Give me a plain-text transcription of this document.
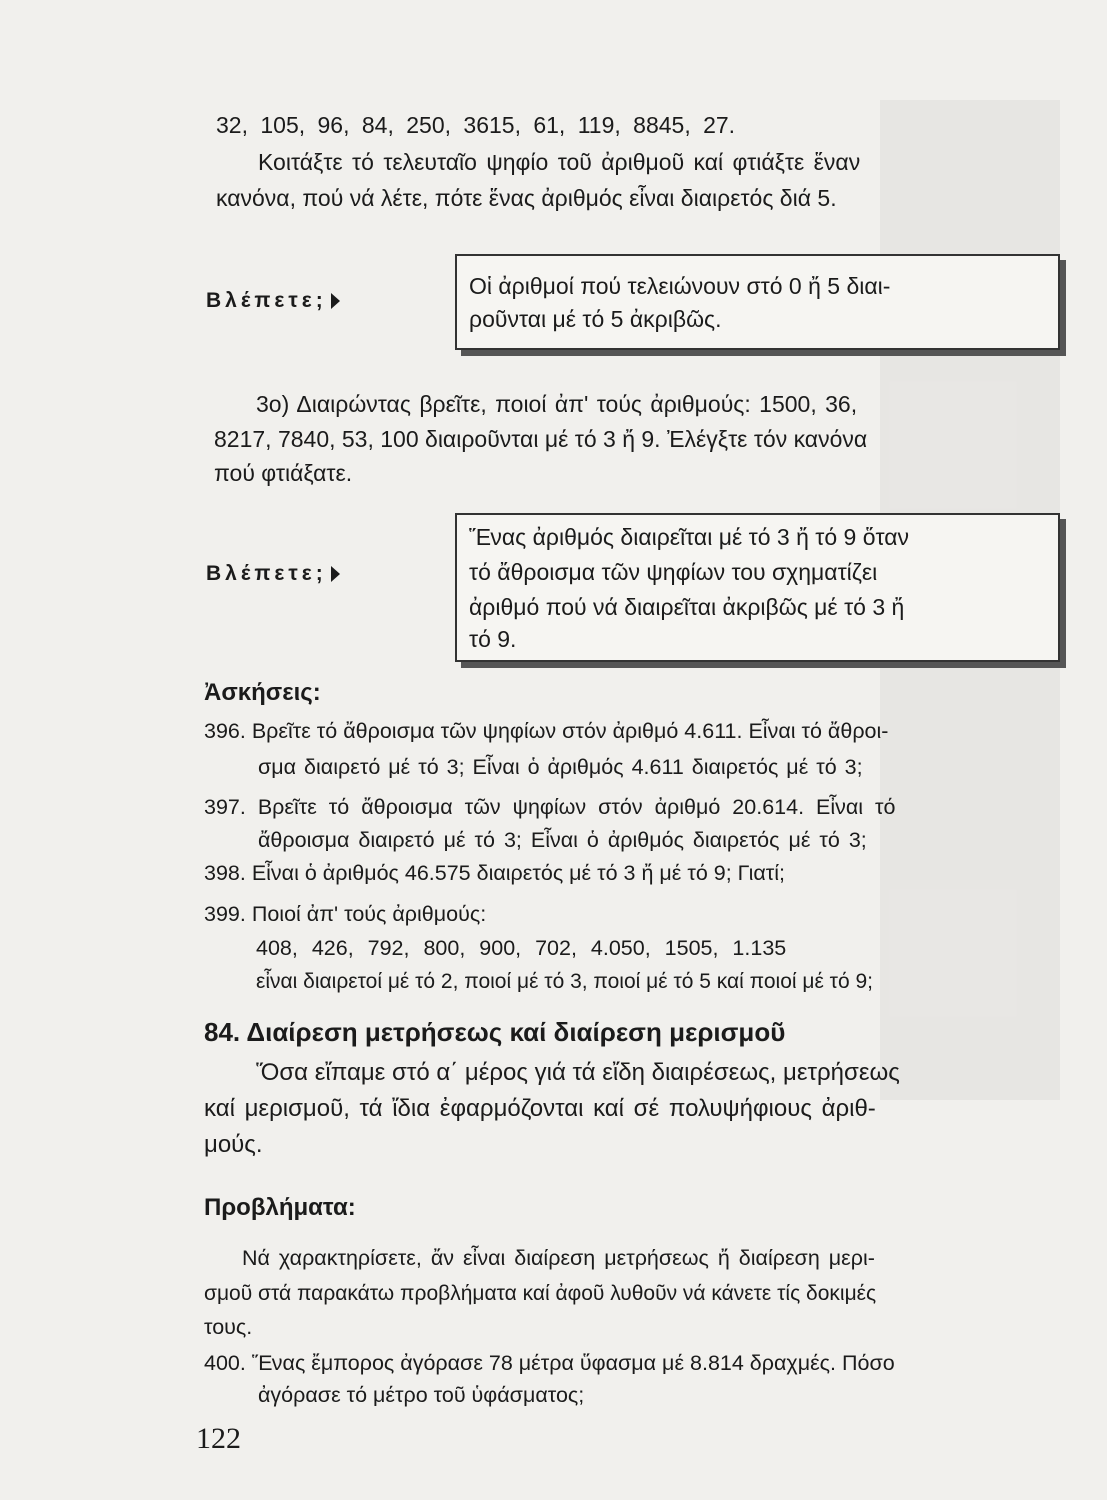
32, 105, 96, 84, 250, 3615, 61, 119, 8845, 27.
Κοιτάξτε τό τελευταῖο ψηφίο τοῦ ἀριθμοῦ καί φτιάξτε ἕναν
κανόνα, πού νά λέτε, πότε ἕνας ἀριθμός εἶναι διαιρετός διά 5.
Βλέπετε;
Οἱ ἀριθμοί πού τελειώνουν στό 0 ἤ 5 διαι-
ροῦνται μέ τό 5 ἀκριβῶς.
3ο) Διαιρώντας βρεῖτε, ποιοί ἀπ' τούς ἀριθμούς: 1500, 36,
8217, 7840, 53, 100 διαιροῦνται μέ τό 3 ἤ 9. Ἐλέγξτε τόν κανόνα
πού φτιάξατε.
Βλέπετε;
Ἕνας ἀριθμός διαιρεῖται μέ τό 3 ἤ τό 9 ὅταν
τό ἄθροισμα τῶν ψηφίων του σχηματίζει
ἀριθμό πού νά διαιρεῖται ἀκριβῶς μέ τό 3 ἤ
τό 9.
Ἀσκήσεις:
396. Βρεῖτε τό ἄθροισμα τῶν ψηφίων στόν ἀριθμό 4.611. Εἶναι τό ἄθροι-
σμα διαιρετό μέ τό 3; Εἶναι ὁ ἀριθμός 4.611 διαιρετός μέ τό 3;
397. Βρεῖτε τό ἄθροισμα τῶν ψηφίων στόν ἀριθμό 20.614. Εἶναι τό
ἄθροισμα διαιρετό μέ τό 3; Εἶναι ὁ ἀριθμός διαιρετός μέ τό 3;
398. Εἶναι ὁ ἀριθμός 46.575 διαιρετός μέ τό 3 ἤ μέ τό 9; Γιατί;
399. Ποιοί ἀπ' τούς ἀριθμούς:
408, 426, 792, 800, 900, 702, 4.050, 1505, 1.135
εἶναι διαιρετοί μέ τό 2, ποιοί μέ τό 3, ποιοί μέ τό 5 καί ποιοί μέ τό 9;
84. Διαίρεση μετρήσεως καί διαίρεση μερισμοῦ
Ὅσα εἴπαμε στό α΄ μέρος γιά τά εἴδη διαιρέσεως, μετρήσεως
καί μερισμοῦ, τά ἴδια ἐφαρμόζονται καί σέ πολυψήφιους ἀριθ-
μούς.
Προβλήματα:
Νά χαρακτηρίσετε, ἄν εἶναι διαίρεση μετρήσεως ἤ διαίρεση μερι-
σμοῦ στά παρακάτω προβλήματα καί ἀφοῦ λυθοῦν νά κάνετε τίς δοκιμές
τους.
400. Ἕνας ἔμπορος ἀγόρασε 78 μέτρα ὕφασμα μέ 8.814 δραχμές. Πόσο
ἀγόρασε τό μέτρο τοῦ ὑφάσματος;
122
